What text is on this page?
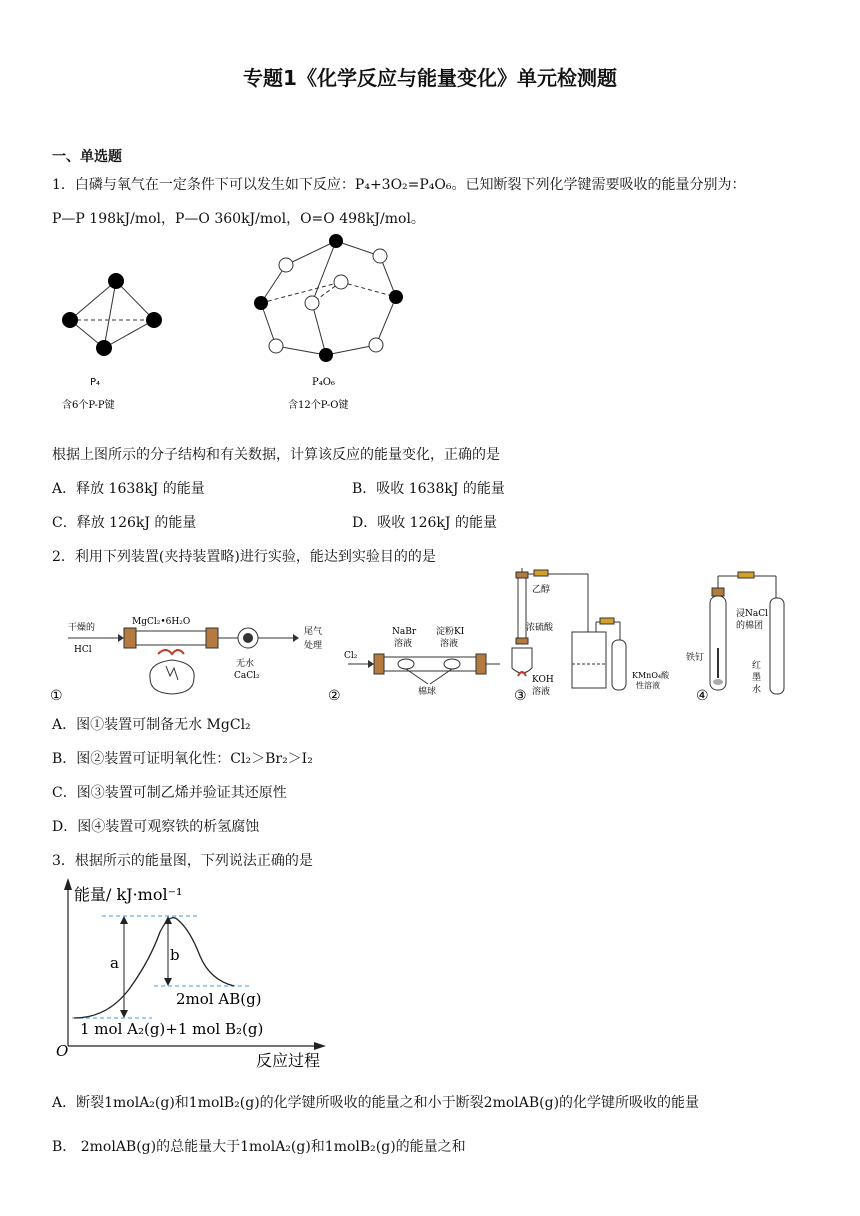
专题1《化学反应与能量变化》单元检测题
一、单选题
1．白磷与氧气在一定条件下可以发生如下反应：P₄+3O₂=P₄O₆。已知断裂下列化学键需要吸收的能量分别为：
P—P 198kJ/mol，P—O 360kJ/mol，O=O 498kJ/mol。
P₄
含6个P-P键
P₄O₆
含12个P-O键
根据上图所示的分子结构和有关数据，计算该反应的能量变化，正确的是
A．释放 1638kJ 的能量	B．吸收 1638kJ 的能量
C．释放 126kJ 的能量	D．吸收 126kJ 的能量
2．利用下列装置(夹持装置略)进行实验，能达到实验目的的是
MgCl₂•6H₂O
干燥的
HCl
尾气
处理
无水
CaCl₂
①
Cl₂
NaBr
溶液
淀粉KI
溶液
棉球
②
乙醇
浓硫酸
KOH
溶液
KMnO₄酸
性溶液
③
浸NaCl
的棉团
铁钉
红
墨
水
④
A．图①装置可制备无水 MgCl₂
B．图②装置可证明氧化性：Cl₂＞Br₂＞I₂
C．图③装置可制乙烯并验证其还原性
D．图④装置可观察铁的析氢腐蚀
3．根据所示的能量图，下列说法正确的是
a	b
能量/ kJ·mol⁻¹
反应过程
O
2mol AB(g)
1 mol A₂(g)+1 mol B₂(g)
A．断裂1molA₂(g)和1molB₂(g)的化学键所吸收的能量之和小于断裂2molAB(g)的化学键所吸收的能量
B． 2molAB(g)的总能量大于1molA₂(g)和1molB₂(g)的能量之和
